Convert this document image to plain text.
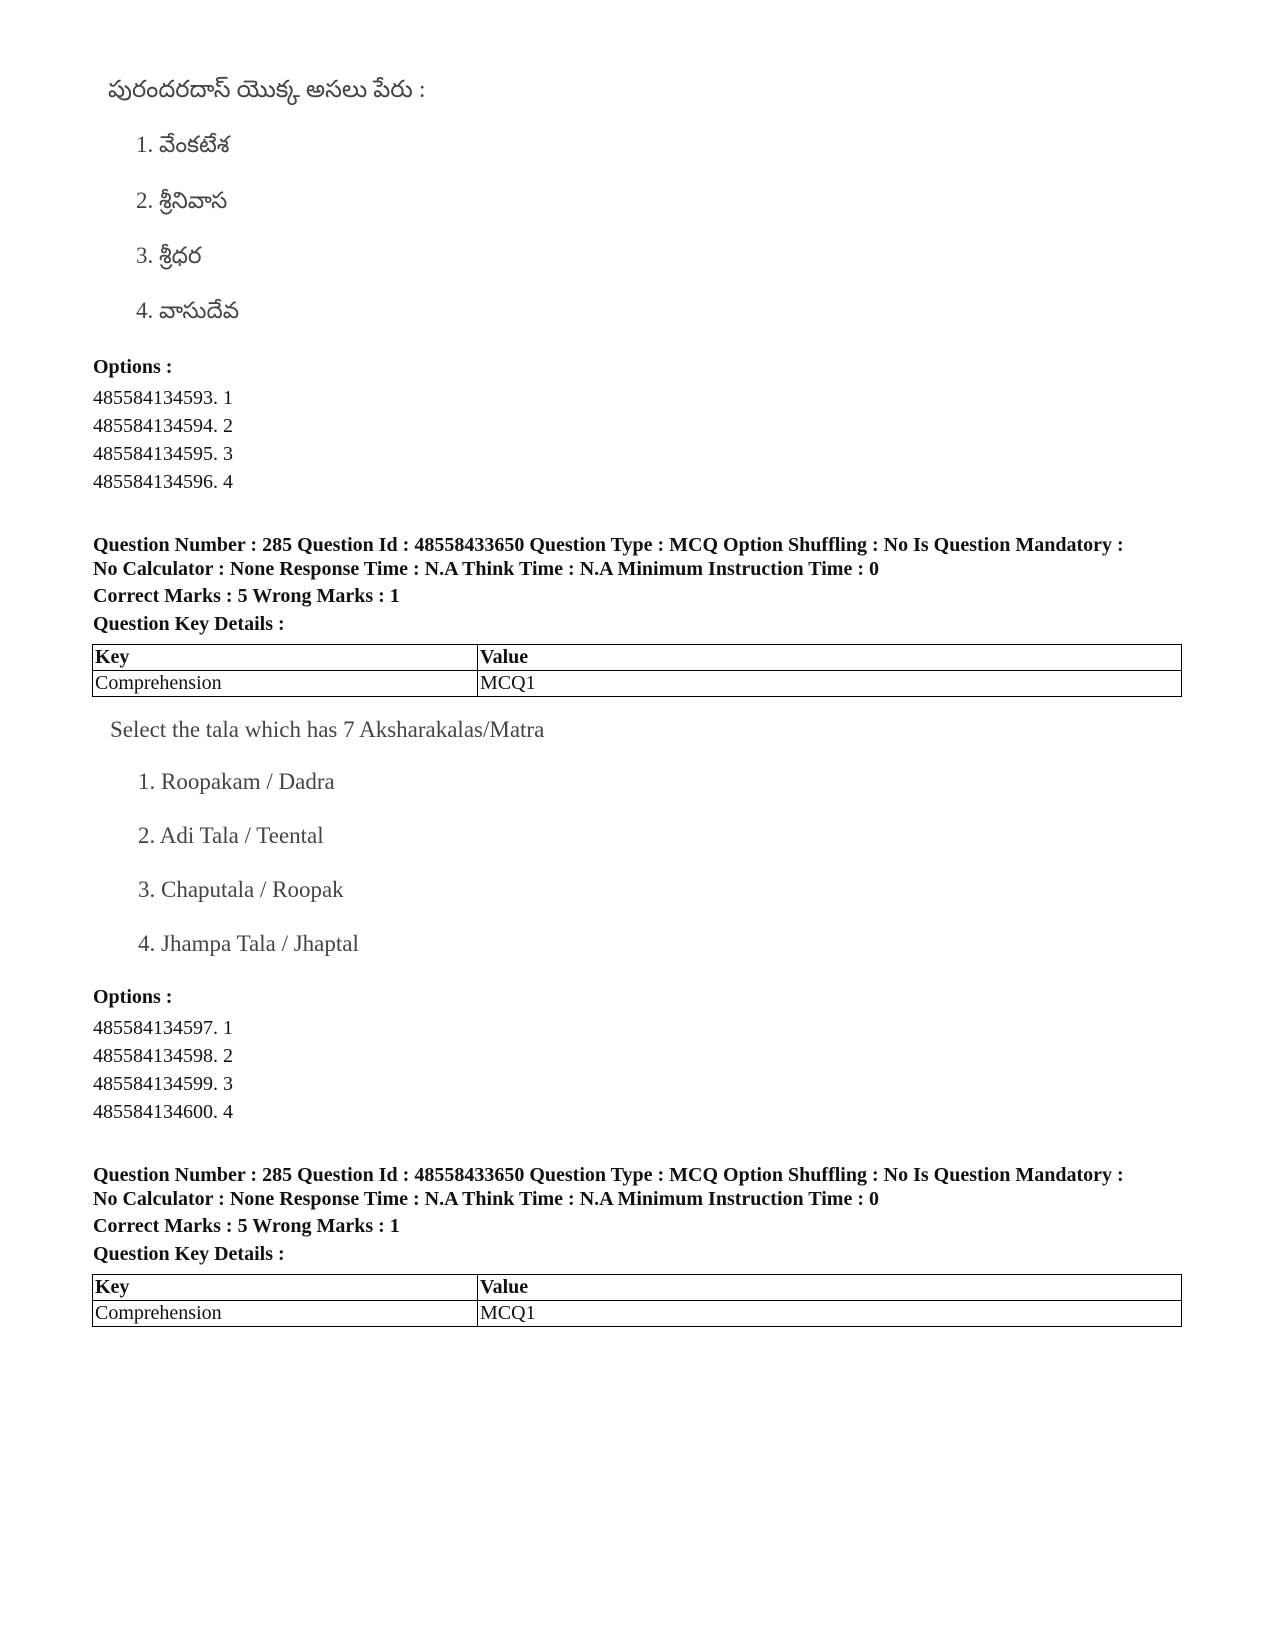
పురందరదాస్ యొక్క అసలు పేరు :
1. వేంకటేశ
2. శ్రీనివాస
3. శ్రీధర
4. వాసుదేవ
Options :
485584134593. 1
485584134594. 2
485584134595. 3
485584134596. 4
Question Number : 285 Question Id : 48558433650 Question Type : MCQ Option Shuffling : No Is Question Mandatory :
No Calculator : None Response Time : N.A Think Time : N.A Minimum Instruction Time : 0
Correct Marks : 5 Wrong Marks : 1
Question Key Details :
Key	Value
Comprehension	MCQ1
Select the tala which has 7 Aksharakalas/Matra
1. Roopakam / Dadra
2. Adi Tala / Teental
3. Chaputala / Roopak
4. Jhampa Tala / Jhaptal
Options :
485584134597. 1
485584134598. 2
485584134599. 3
485584134600. 4
Question Number : 285 Question Id : 48558433650 Question Type : MCQ Option Shuffling : No Is Question Mandatory :
No Calculator : None Response Time : N.A Think Time : N.A Minimum Instruction Time : 0
Correct Marks : 5 Wrong Marks : 1
Question Key Details :
Key	Value
Comprehension	MCQ1
